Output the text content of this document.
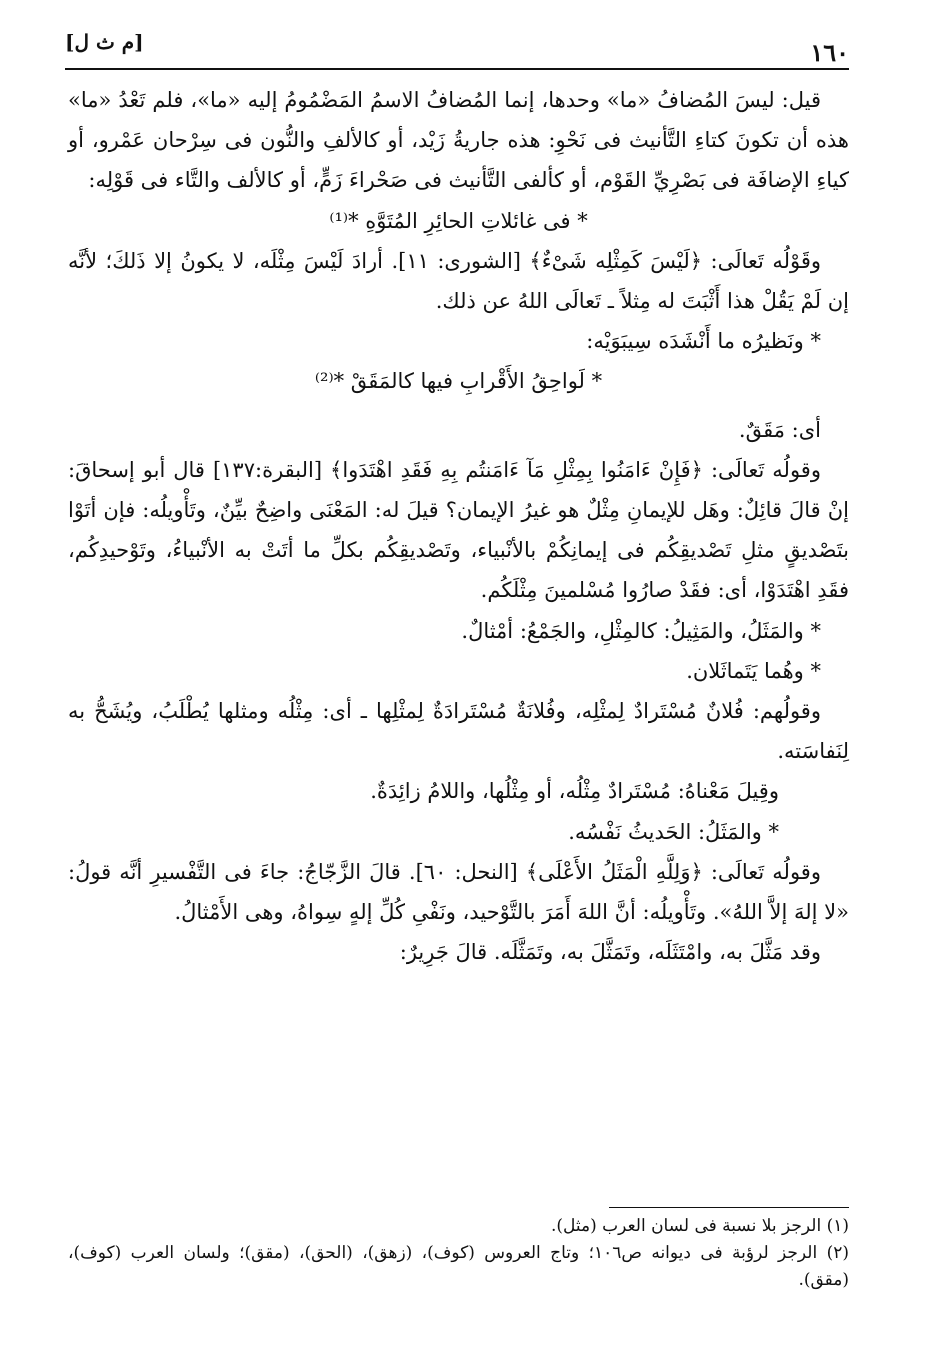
١٦٠
[م ث ل]

قيل: ليسَ المُضافُ «ما» وحدها، إنما المُضافُ الاسمُ المَضْمُومُ إليه «ما»، فلم تَعْدُ «ما» هذه أن تكونَ كتاءِ التَّأنيث فى نَحْوِ: هذه جاريةُ زَيْد، أو كالألفِ والنُّون فى سِرْحان عَمْرو، أو كياءِ الإضافَة فى بَصْرِيِّ القَوْم، أو كألفى التَّأنيث فى صَحْراءَ زَمٍّ، أو كالألف والتَّاء فى قَوْلِه:

* فى غائلاتِ الحائِرِ المُتَوَّهِ *⁽¹⁾

وقَوْلُه تَعالَى: ﴿لَيْسَ كَمِثْلِه شَىْءٌ﴾ [الشورى: ١١]. أرادَ لَيْسَ مِثْلَه، لا يكونُ إلا ذَلكَ؛ لأنَّه إن لَمْ يَقُلْ هذا أَثْبَتَ له مِثلاً ـ تَعالَى اللهُ عن ذلك.

* ونَظيرُه ما أَنْشَدَه سِيبَوَيْه:

* لَواحِقُ الأَقْرابِ فيها كالمَقَقْ *⁽²⁾

أى: مَقَقٌ.

وقولُه تَعالَى: ﴿فَإِنْ ءَامَنُوا بِمِثْلِ مَآ ءَامَنتُم بِهِ فَقَدِ اهْتَدَوا﴾ [البقرة:١٣٧] قال أبو إسحاقَ: إنْ قالَ قائِلٌ: وهَل للإيمانِ مِثْلٌ هو غيرُ الإيمان؟ قيلَ له: المَعْنَى واضِحٌ بيِّنٌ، وتَأْويلُه: فإن أتَوْا بتَصْديقٍ مثلِ تَصْديقِكُم فى إيمانِكُمْ بالأنْبياء، وتَصْديقِكُم بكلِّ ما أتَتْ به الأنْبياءُ، وتَوْحيدِكُم، فقَدِ اهْتَدَوْا، أى: فقَدْ صارُوا مُسْلمينَ مِثْلَكُم.

* والمَثَلُ، والمَثِيلُ: كالمِثْلِ، والجَمْعُ: أمْثالٌ.

* وهُما يَتَماثَلان.

وقولُهم: فُلانٌ مُسْتَرادٌ لِمثْلِه، وفُلانَةٌ مُسْتَرادَةٌ لِمثْلِها ـ أى: مِثْلُه ومثلها يُطْلَبُ، ويُشَحُّ به لِنَفاسَته.

وقِيلَ مَعْناهُ: مُسْتَرادٌ مِثْلُه، أو مِثْلُها، واللامُ زائِدَةٌ.

* والمَثَلُ: الحَديثُ نَفْسُه.

وقولُه تَعالَى: ﴿وَلِلَّهِ الْمَثَلُ الأَعْلَى﴾ [النحل: ٦٠]. قالَ الزَّجّاجُ: جاءَ فى التَّفْسيرِ أنَّه قولُ: «لا إلهَ إلاَّ اللهُ». وتَأْويلُه: أنَّ اللهَ أَمَرَ بالتَّوْحيد، ونَفْىِ كُلِّ إلهٍ سِواهُ، وهى الأَمْثالُ.

وقد مَثَّلَ به، وامْتَثَلَه، وتَمَثَّلَ به، وتَمَثَّلَه. قالَ جَرِيرٌ:

(١) الرجز بلا نسبة فى لسان العرب (مثل).

(٢) الرجز لرؤبة فى ديوانه ص١٠٦؛ وتاج العروس (كوف)، (زهق)، (الحق)، (مقق)؛ ولسان العرب (كوف)، (مقق).
